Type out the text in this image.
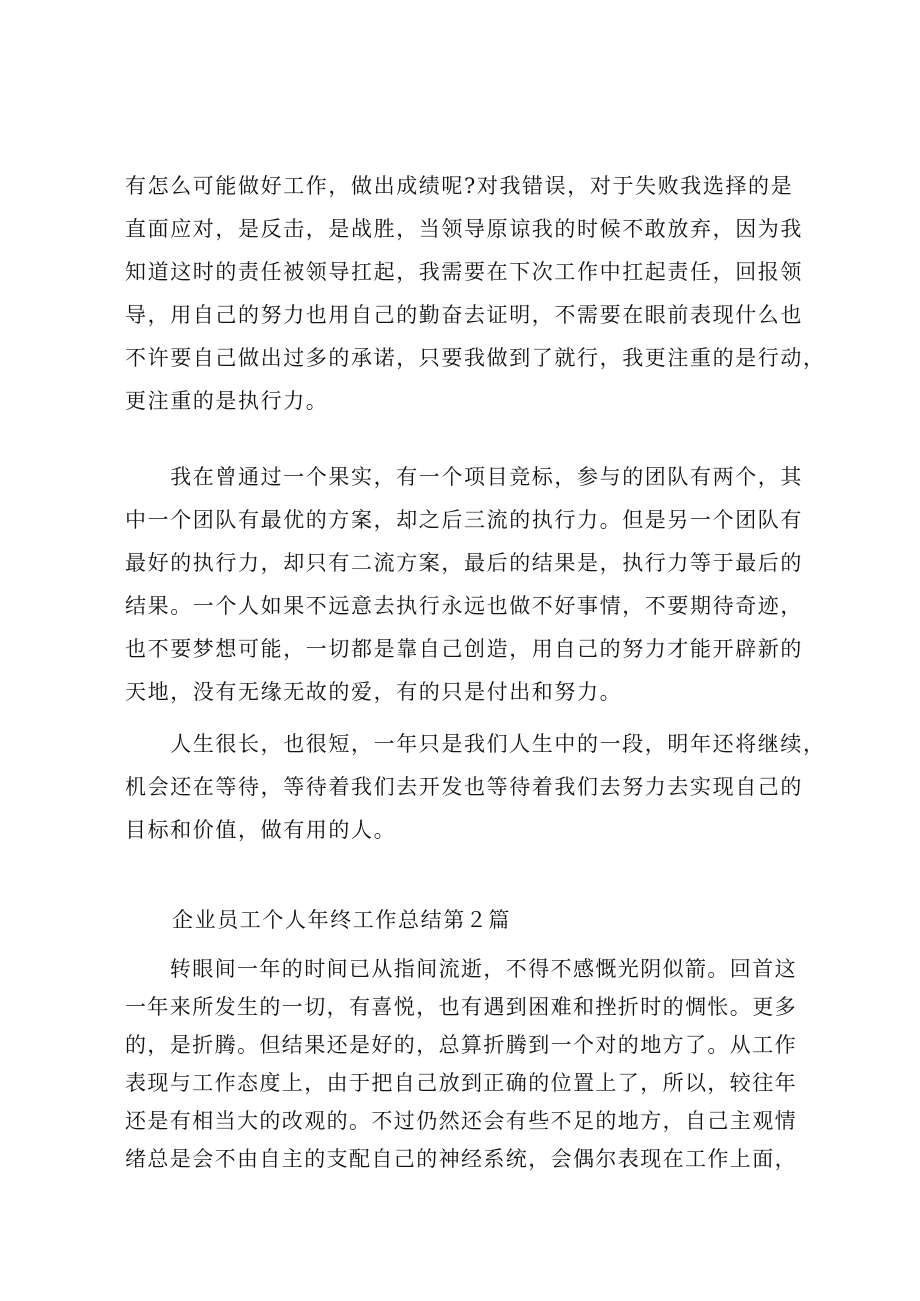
有怎么可能做好工作，做出成绩呢?对我错误，对于失败我选择的是
直面应对，是反击，是战胜，当领导原谅我的时候不敢放弃，因为我
知道这时的责任被领导扛起，我需要在下次工作中扛起责任，回报领
导，用自己的努力也用自己的勤奋去证明，不需要在眼前表现什么也
不许要自己做出过多的承诺，只要我做到了就行，我更注重的是行动，
更注重的是执行力。
　　我在曾通过一个果实，有一个项目竞标，参与的团队有两个，其
中一个团队有最优的方案，却之后三流的执行力。但是另一个团队有
最好的执行力，却只有二流方案，最后的结果是，执行力等于最后的
结果。一个人如果不远意去执行永远也做不好事情，不要期待奇迹，
也不要梦想可能，一切都是靠自己创造，用自己的努力才能开辟新的
天地，没有无缘无故的爱，有的只是付出和努力。
　　人生很长，也很短，一年只是我们人生中的一段，明年还将继续，
机会还在等待，等待着我们去开发也等待着我们去努力去实现自己的
目标和价值，做有用的人。
企业员工个人年终工作总结第２篇
　　转眼间一年的时间已从指间流逝，不得不感慨光阴似箭。回首这
一年来所发生的一切，有喜悦，也有遇到困难和挫折时的惆怅。更多
的，是折腾。但结果还是好的，总算折腾到一个对的地方了。从工作
表现与工作态度上，由于把自己放到正确的位置上了，所以，较往年
还是有相当大的改观的。不过仍然还会有些不足的地方，自己主观情
绪总是会不由自主的支配自己的神经系统，会偶尔表现在工作上面，
